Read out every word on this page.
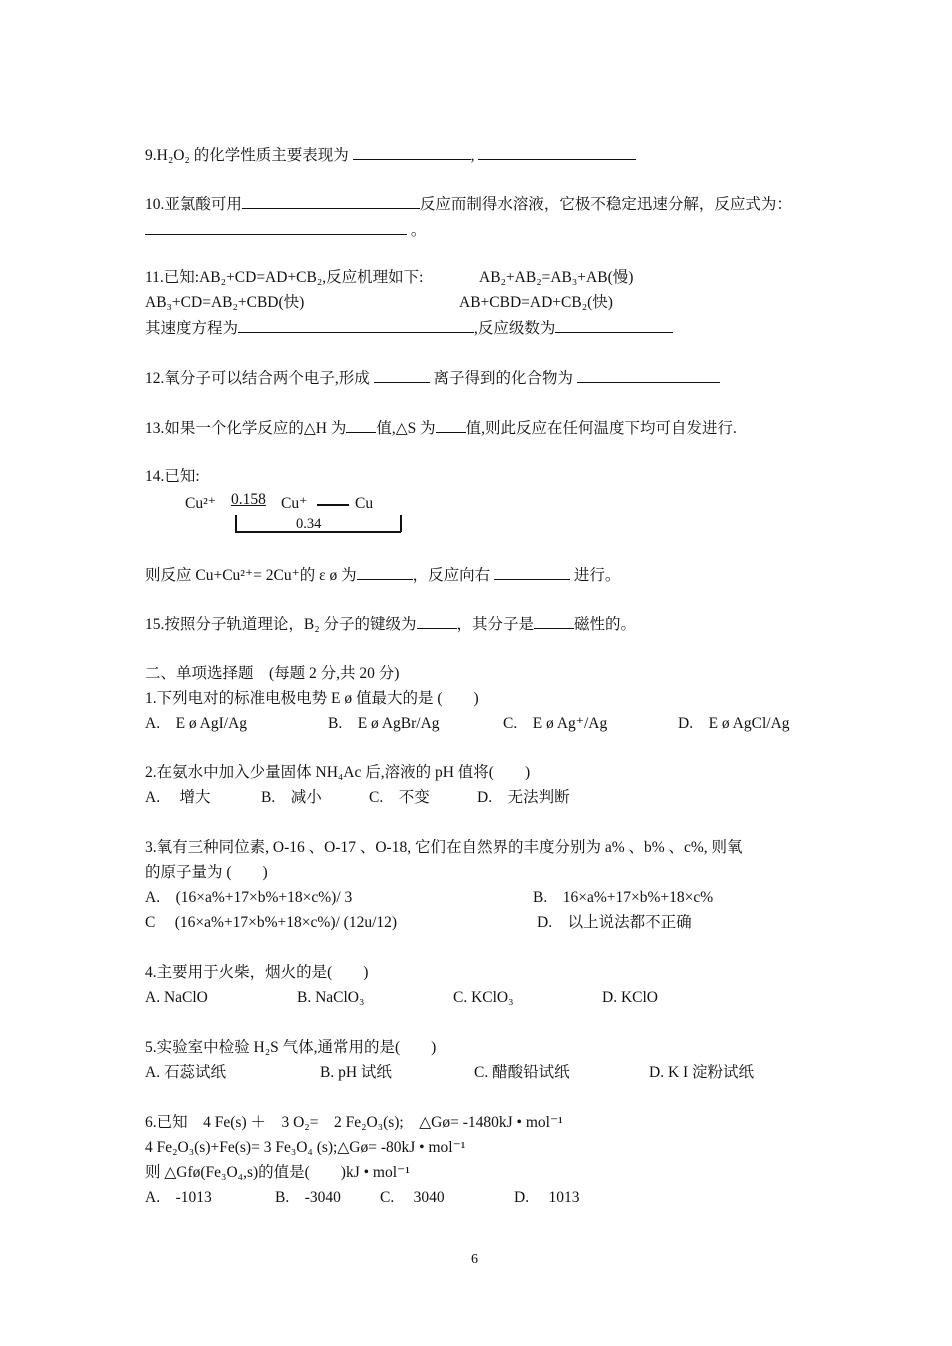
9.H₂O₂ 的化学性质主要表现为	,
10.亚氯酸可用	反应而制得水溶液，它极不稳定迅速分解，反应式为：
。
11.已知:AB₂+CD=AD+CB₂,反应机理如下:	AB₂+AB₂=AB₃+AB(慢)
AB₃+CD=AB₂+CBD(快)	AB+CBD=AD+CB₂(快)
其速度方程为	,反应级数为
12.氧分子可以结合两个电子,形成	离子得到的化合物为
13.如果一个化学反应的△H 为 值,△S 为 值,则此反应在任何温度下均可自发进行.
14.已知:
Cu²⁺ 0.158 Cu⁺	Cu
0.34
则反应 Cu+Cu²⁺= 2Cu⁺的 ε ø 为	，反应向右	进行。
15.按照分子轨道理论，B₂ 分子的键级为	，其分子是	磁性的。
二、单项选择题　(每题 2 分,共 20 分)
1.下列电对的标准电极电势 E ø 值最大的是 (　　)
A.　E ø AgI/Ag	B.　E ø AgBr/Ag	C.　E ø Ag⁺/Ag	D.　E ø AgCl/Ag
2.在氨水中加入少量固体 NH₄Ac 后,溶液的 pH 值将(　　)
A.　 增大	B.　减小	C.　不变	D.　无法判断
3.氧有三种同位素, O-16 、O-17 、O-18, 它们在自然界的丰度分别为 a% 、b% 、c%, 则氧
的原子量为 (　　)
A.　(16×a%+17×b%+18×c%)/ 3	B.　16×a%+17×b%+18×c%
C　 (16×a%+17×b%+18×c%)/ (12u/12)	D.　以上说法都不正确
4.主要用于火柴，烟火的是(　　)
A. NaClO	B. NaClO₃	C. KClO₃	D. KClO
5.实验室中检验 H₂S 气体,通常用的是(　　)
A. 石蕊试纸	B. pH 试纸	C. 醋酸铅试纸	D. K I 淀粉试纸
6.已知　4 Fe(s) ＋　3 O₂=　2 Fe₂O₃(s);　△Gø= -1480kJ • mol⁻¹
4 Fe₂O₃(s)+Fe(s)= 3 Fe₃O₄ (s);△Gø= -80kJ • mol⁻¹
则 △Gfø(Fe₃O₄,s)的值是(　　)kJ • mol⁻¹
A.　-1013	B.　-3040	C.　 3040	D.　 1013
6
